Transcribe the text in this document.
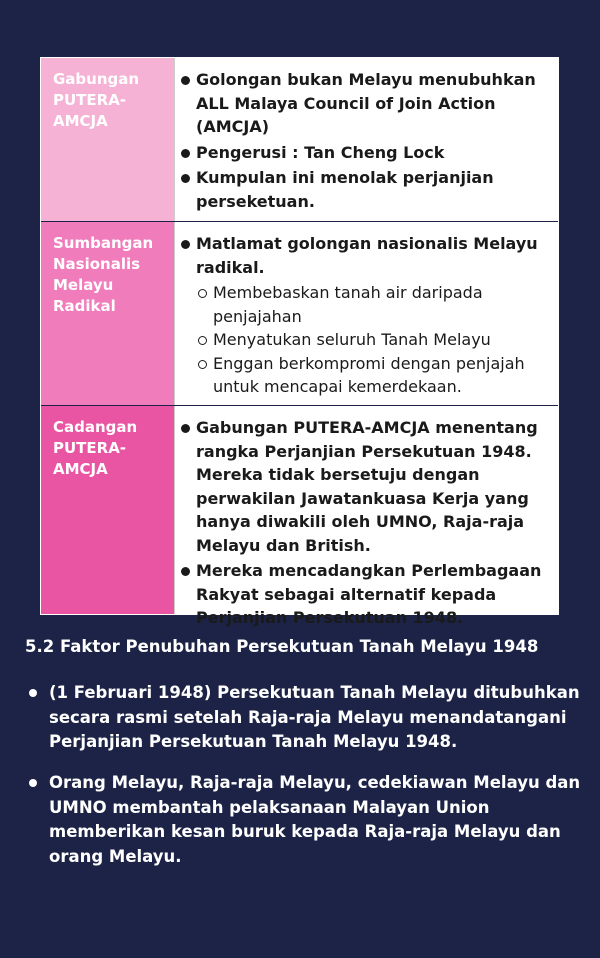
Gabungan PUTERA-AMCJA
Golongan bukan Melayu menubuhkan ALL Malaya Council of Join Action (AMCJA)
Pengerusi : Tan Cheng Lock
Kumpulan ini menolak perjanjian perseketuan.
Sumbangan Nasionalis Melayu Radikal
Matlamat golongan nasionalis Melayu radikal.
Membebaskan tanah air daripada penjajahan
Menyatukan seluruh Tanah Melayu
Enggan berkompromi dengan penjajah untuk mencapai kemerdekaan.
Cadangan PUTERA-AMCJA
Gabungan PUTERA-AMCJA menentang rangka Perjanjian Persekutuan 1948. Mereka tidak bersetuju dengan perwakilan Jawatankuasa Kerja yang hanya diwakili oleh UMNO, Raja-raja Melayu dan British.
Mereka mencadangkan Perlembagaan Rakyat sebagai alternatif kepada Perjanjian Persekutuan 1948.
5.2 Faktor Penubuhan Persekutuan Tanah Melayu 1948
(1 Februari 1948) Persekutuan Tanah Melayu ditubuhkan secara rasmi setelah Raja-raja Melayu menandatangani Perjanjian Persekutuan Tanah Melayu 1948.
Orang Melayu, Raja-raja Melayu, cedekiawan Melayu dan UMNO membantah pelaksanaan Malayan Union memberikan kesan buruk kepada Raja-raja Melayu dan orang Melayu.
